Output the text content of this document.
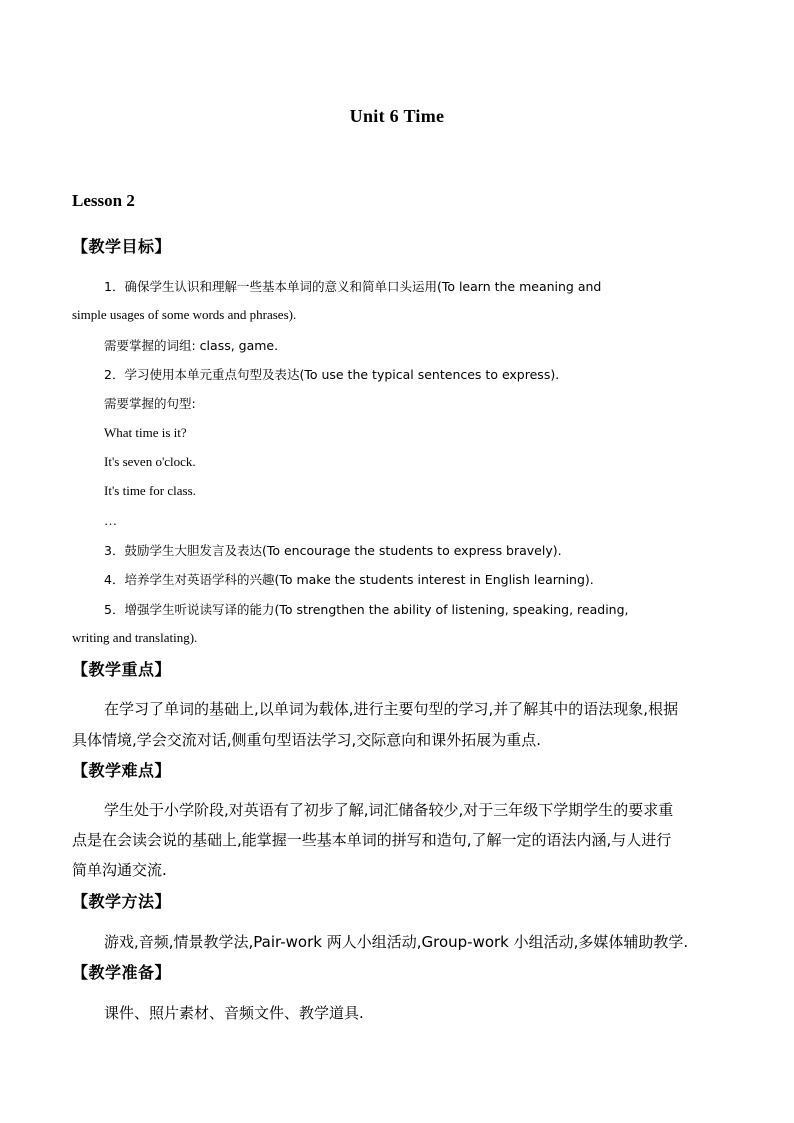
Unit 6 Time
Lesson 2
【教学目标】
1．确保学生认识和理解一些基本单词的意义和简单口头运用(To learn the meaning and
simple usages of some words and phrases).
需要掌握的词组: class, game.
2．学习使用本单元重点句型及表达(To use the typical sentences to express).
需要掌握的句型:
What time is it?
It's seven o'clock.
It's time for class.
…
3．鼓励学生大胆发言及表达(To encourage the students to express bravely).
4．培养学生对英语学科的兴趣(To make the students interest in English learning).
5．增强学生听说读写译的能力(To strengthen the ability of listening, speaking, reading,
writing and translating).
【教学重点】
在学习了单词的基础上,以单词为载体,进行主要句型的学习,并了解其中的语法现象,根据
具体情境,学会交流对话,侧重句型语法学习,交际意向和课外拓展为重点.
【教学难点】
学生处于小学阶段,对英语有了初步了解,词汇储备较少,对于三年级下学期学生的要求重
点是在会读会说的基础上,能掌握一些基本单词的拼写和造句,了解一定的语法内涵,与人进行
简单沟通交流.
【教学方法】
游戏,音频,情景教学法,Pair-work 两人小组活动,Group-work 小组活动,多媒体辅助教学.
【教学准备】
课件、照片素材、音频文件、教学道具.
